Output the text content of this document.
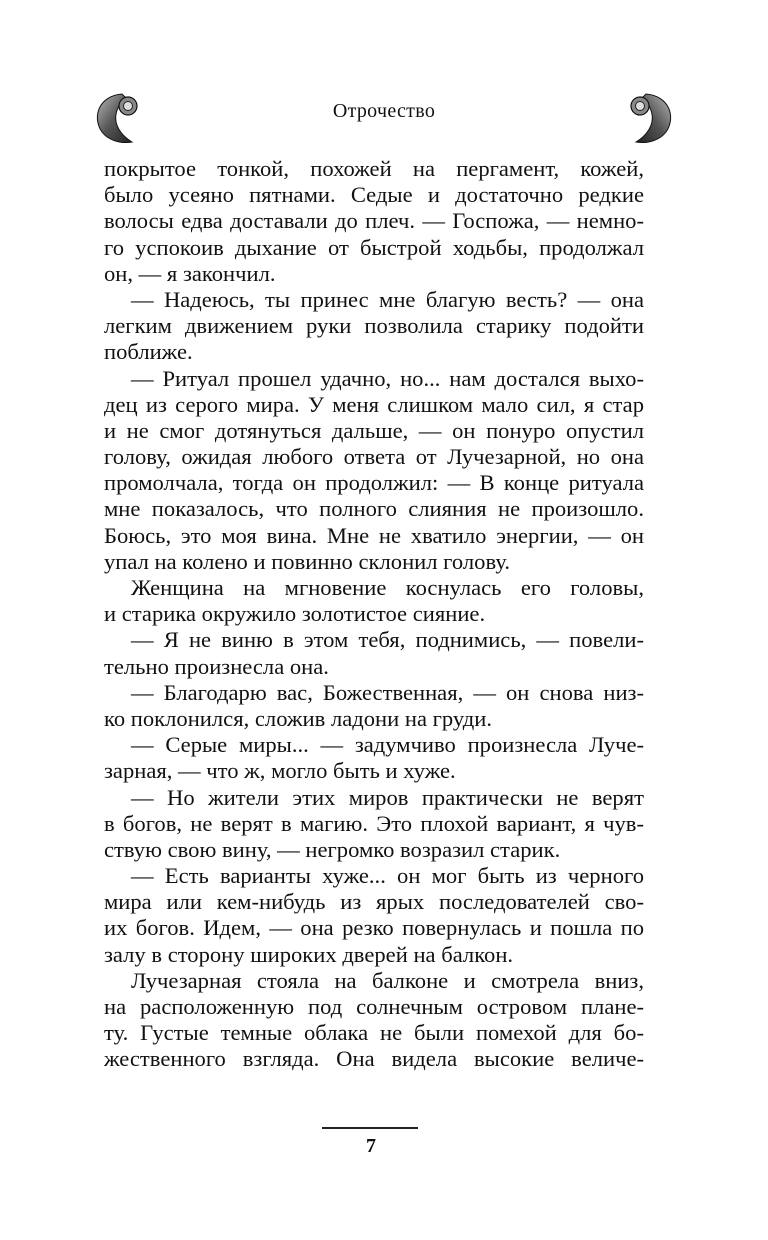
Отрочество
покрытое тонкой, похожей на пергамент, кожей,
было усеяно пятнами. Седые и достаточно редкие
волосы едва доставали до плеч. — Госпожа, — немно-
го успокоив дыхание от быстрой ходьбы, продолжал
он, — я закончил.
— Надеюсь, ты принес мне благую весть? — она
легким движением руки позволила старику подойти
поближе.
— Ритуал прошел удачно, но... нам достался выхо-
дец из серого мира. У меня слишком мало сил, я стар
и не смог дотянуться дальше, — он понуро опустил
голову, ожидая любого ответа от Лучезарной, но она
промолчала, тогда он продолжил: — В конце ритуала
мне показалось, что полного слияния не произошло.
Боюсь, это моя вина. Мне не хватило энергии, — он
упал на колено и повинно склонил голову.
Женщина на мгновение коснулась его головы,
и старика окружило золотистое сияние.
— Я не виню в этом тебя, поднимись, — повели-
тельно произнесла она.
— Благодарю вас, Божественная, — он снова низ-
ко поклонился, сложив ладони на груди.
— Серые миры... — задумчиво произнесла Луче-
зарная, — что ж, могло быть и хуже.
— Но жители этих миров практически не верят
в богов, не верят в магию. Это плохой вариант, я чув-
ствую свою вину, — негромко возразил старик.
— Есть варианты хуже... он мог быть из черного
мира или кем-нибудь из ярых последователей сво-
их богов. Идем, — она резко повернулась и пошла по
залу в сторону широких дверей на балкон.
Лучезарная стояла на балконе и смотрела вниз,
на расположенную под солнечным островом плане-
ту. Густые темные облака не были помехой для бо-
жественного взгляда. Она видела высокие величе-
7
